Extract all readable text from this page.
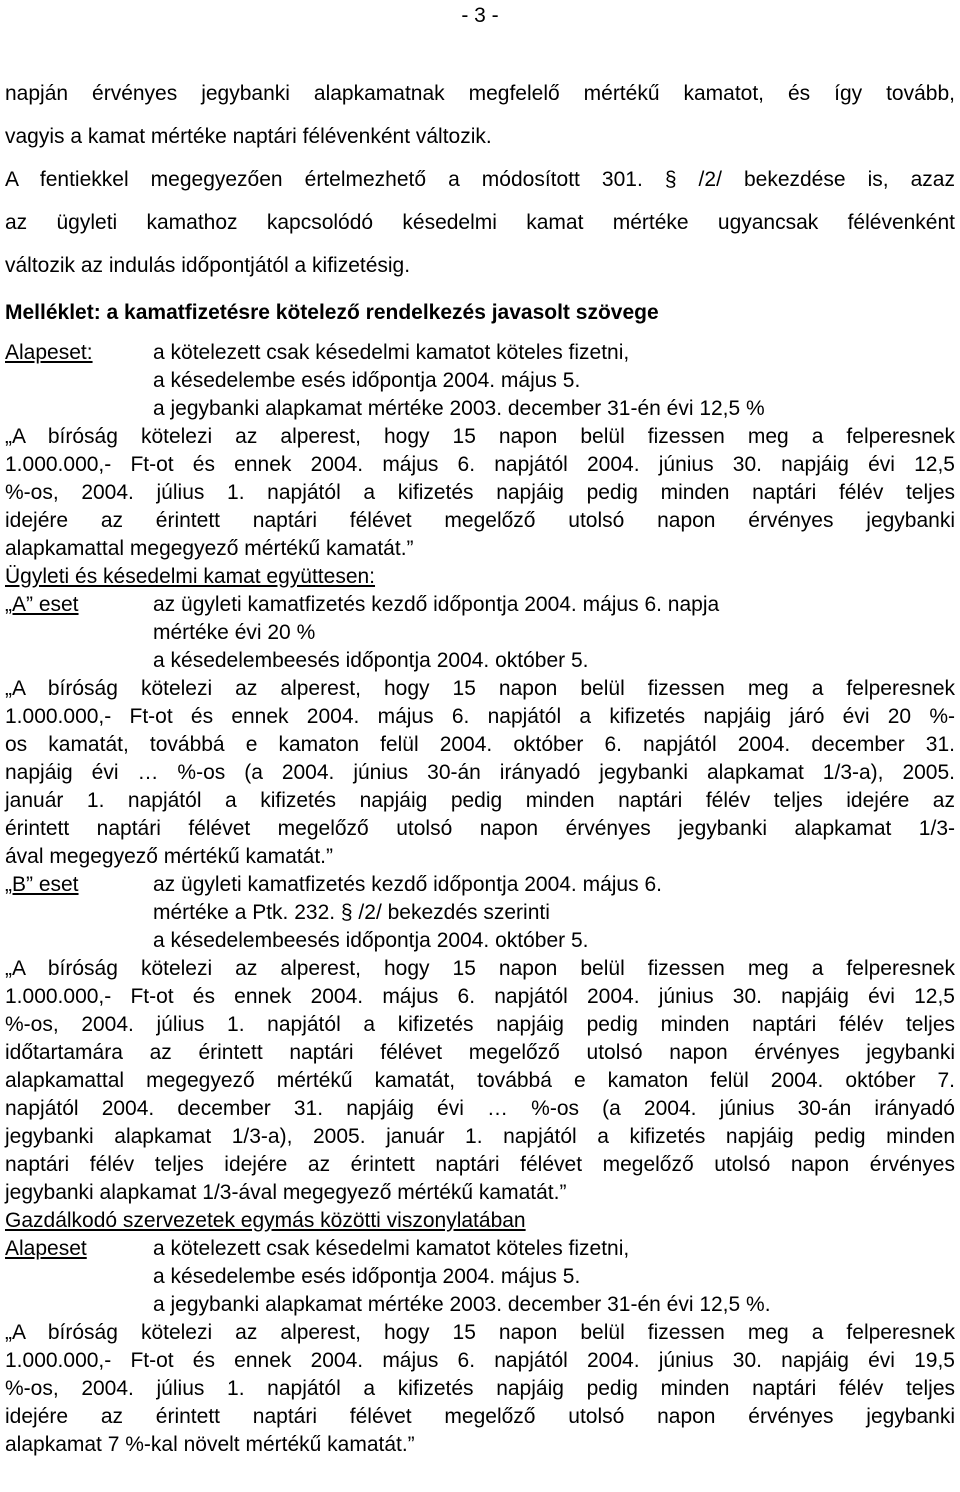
- 3 -
napján érvényes jegybanki alapkamatnak megfelelő mértékű kamatot, és így tovább,
vagyis a kamat mértéke naptári félévenként változik.
A fentiekkel megegyezően értelmezhető a módosított 301. § /2/ bekezdése is, azaz
az ügyleti kamathoz kapcsolódó késedelmi kamat mértéke ugyancsak félévenként
változik az indulás időpontjától a kifizetésig.
Melléklet: a kamatfizetésre kötelező rendelkezés javasolt szövege
Alapeset:	a kötelezett csak késedelmi kamatot köteles fizetni,
a késedelembe esés időpontja 2004. május 5.
a jegybanki alapkamat mértéke 2003. december 31-én évi 12,5 %
„A bíróság kötelezi az alperest, hogy 15 napon belül fizessen meg a felperesnek
1.000.000,- Ft-ot és ennek 2004. május 6. napjától 2004. június 30. napjáig évi 12,5
%-os, 2004. július 1. napjától a kifizetés napjáig pedig minden naptári félév teljes
idejére az érintett naptári félévet megelőző utolsó napon érvényes jegybanki
alapkamattal megegyező mértékű kamatát.”
Ügyleti és késedelmi kamat együttesen:
„A” eset	az ügyleti kamatfizetés kezdő időpontja 2004. május 6. napja
mértéke évi 20 %
a késedelembeesés időpontja 2004. október 5.
„A bíróság kötelezi az alperest, hogy 15 napon belül fizessen meg a felperesnek
1.000.000,- Ft-ot és ennek 2004. május 6. napjától a kifizetés napjáig járó évi 20 %-
os kamatát, továbbá e kamaton felül 2004. október 6. napjától 2004. december 31.
napjáig évi … %-os (a 2004. június 30-án irányadó jegybanki alapkamat 1/3-a), 2005.
január 1. napjától a kifizetés napjáig pedig minden naptári félév teljes idejére az
érintett naptári félévet megelőző utolsó napon érvényes jegybanki alapkamat 1/3-
ával megegyező mértékű kamatát.”
„B” eset	az ügyleti kamatfizetés kezdő időpontja 2004. május 6.
mértéke a Ptk. 232. § /2/ bekezdés szerinti
a késedelembeesés időpontja 2004. október 5.
„A bíróság kötelezi az alperest, hogy 15 napon belül fizessen meg a felperesnek
1.000.000,- Ft-ot és ennek 2004. május 6. napjától 2004. június 30. napjáig évi 12,5
%-os, 2004. július 1. napjától a kifizetés napjáig pedig minden naptári félév teljes
időtartamára az érintett naptári félévet megelőző utolsó napon érvényes jegybanki
alapkamattal megegyező mértékű kamatát, továbbá e kamaton felül 2004. október 7.
napjától 2004. december 31. napjáig évi … %-os (a 2004. június 30-án irányadó
jegybanki alapkamat 1/3-a), 2005. január 1. napjától a kifizetés napjáig pedig minden
naptári félév teljes idejére az érintett naptári félévet megelőző utolsó napon érvényes
jegybanki alapkamat 1/3-ával megegyező mértékű kamatát.”
Gazdálkodó szervezetek egymás közötti viszonylatában
Alapeset	a kötelezett csak késedelmi kamatot köteles fizetni,
a késedelembe esés időpontja 2004. május 5.
a jegybanki alapkamat mértéke 2003. december 31-én évi 12,5 %.
„A bíróság kötelezi az alperest, hogy 15 napon belül fizessen meg a felperesnek
1.000.000,- Ft-ot és ennek 2004. május 6. napjától 2004. június 30. napjáig évi 19,5
%-os, 2004. július 1. napjától a kifizetés napjáig pedig minden naptári félév teljes
idejére az érintett naptári félévet megelőző utolsó napon érvényes jegybanki
alapkamat 7 %-kal növelt mértékű kamatát.”
